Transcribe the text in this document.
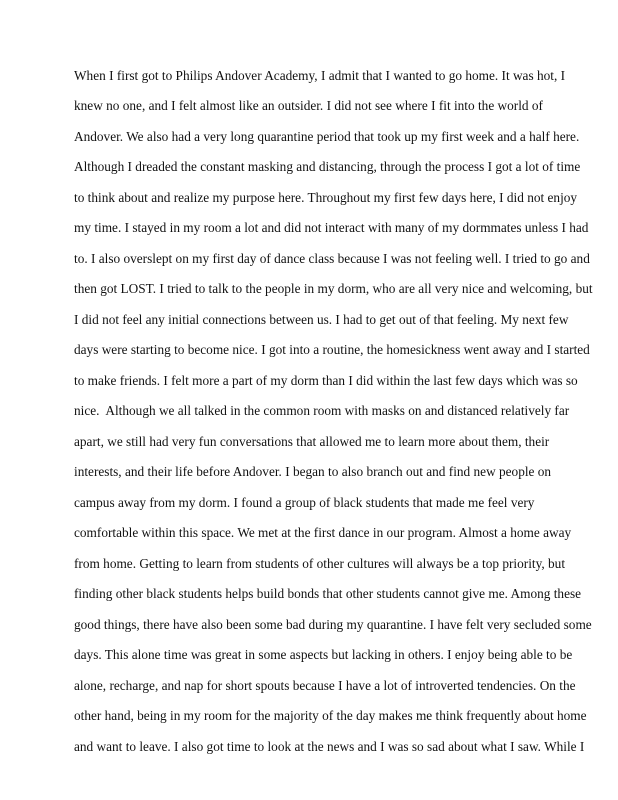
When I first got to Philips Andover Academy, I admit that I wanted to go home. It was hot, I
knew no one, and I felt almost like an outsider. I did not see where I fit into the world of
Andover. We also had a very long quarantine period that took up my first week and a half here.
Although I dreaded the constant masking and distancing, through the process I got a lot of time
to think about and realize my purpose here. Throughout my first few days here, I did not enjoy
my time. I stayed in my room a lot and did not interact with many of my dormmates unless I had
to. I also overslept on my first day of dance class because I was not feeling well. I tried to go and
then got LOST. I tried to talk to the people in my dorm, who are all very nice and welcoming, but
I did not feel any initial connections between us. I had to get out of that feeling. My next few
days were starting to become nice. I got into a routine, the homesickness went away and I started
to make friends. I felt more a part of my dorm than I did within the last few days which was so
nice.  Although we all talked in the common room with masks on and distanced relatively far
apart, we still had very fun conversations that allowed me to learn more about them, their
interests, and their life before Andover. I began to also branch out and find new people on
campus away from my dorm. I found a group of black students that made me feel very
comfortable within this space. We met at the first dance in our program. Almost a home away
from home. Getting to learn from students of other cultures will always be a top priority, but
finding other black students helps build bonds that other students cannot give me. Among these
good things, there have also been some bad during my quarantine. I have felt very secluded some
days. This alone time was great in some aspects but lacking in others. I enjoy being able to be
alone, recharge, and nap for short spouts because I have a lot of introverted tendencies. On the
other hand, being in my room for the majority of the day makes me think frequently about home
and want to leave. I also got time to look at the news and I was so sad about what I saw. While I
